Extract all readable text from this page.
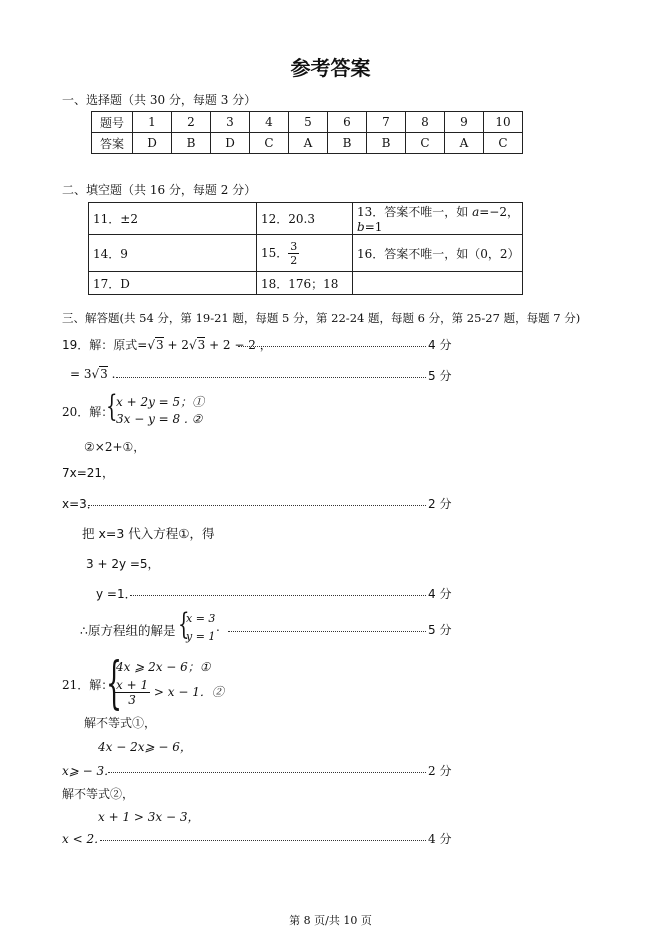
参考答案
一、选择题（共 30 分，每题 3 分）
题号	1	2	3	4	5	6	7	8	9	10
答案	D	B	D	C	A	B	B	C	A	C
二、填空题（共 16 分，每题 2 分）
11．±2	12．20.3	13．答案不唯一，如 a=−2，b=1
14．9	15． $\frac{3}{2}$	16．答案不唯一，如（0，2）
17．D	18．176；18	
三、解答题(共 54 分，第 19-21 题，每题 5 分，第 22-24 题，每题 6 分，第 25-27 题，每题 7 分)
19．解：原式=√3 + 2√3 + 2 − 2 ，	4 分
= 3√3 .	5 分
20．解：
{
x + 2y = 5；①
3x − y = 8 . ②
②×2+①，
7x=21，
x=3．	2 分
把 x=3 代入方程①，得
3 + 2y =5，
y =1．	4 分
∴原方程组的解是 {
x = 3
y = 1
.	5 分
21．解：
{
4x ⩾ 2x − 6；①
$\frac{x + 1}{3} > x - 1$．②
解不等式①，
4x − 2x⩾ − 6，
x⩾ − 3．	2 分
解不等式②，
x + 1 > 3x − 3，
x < 2．	4 分
第 8 页/共 10 页
